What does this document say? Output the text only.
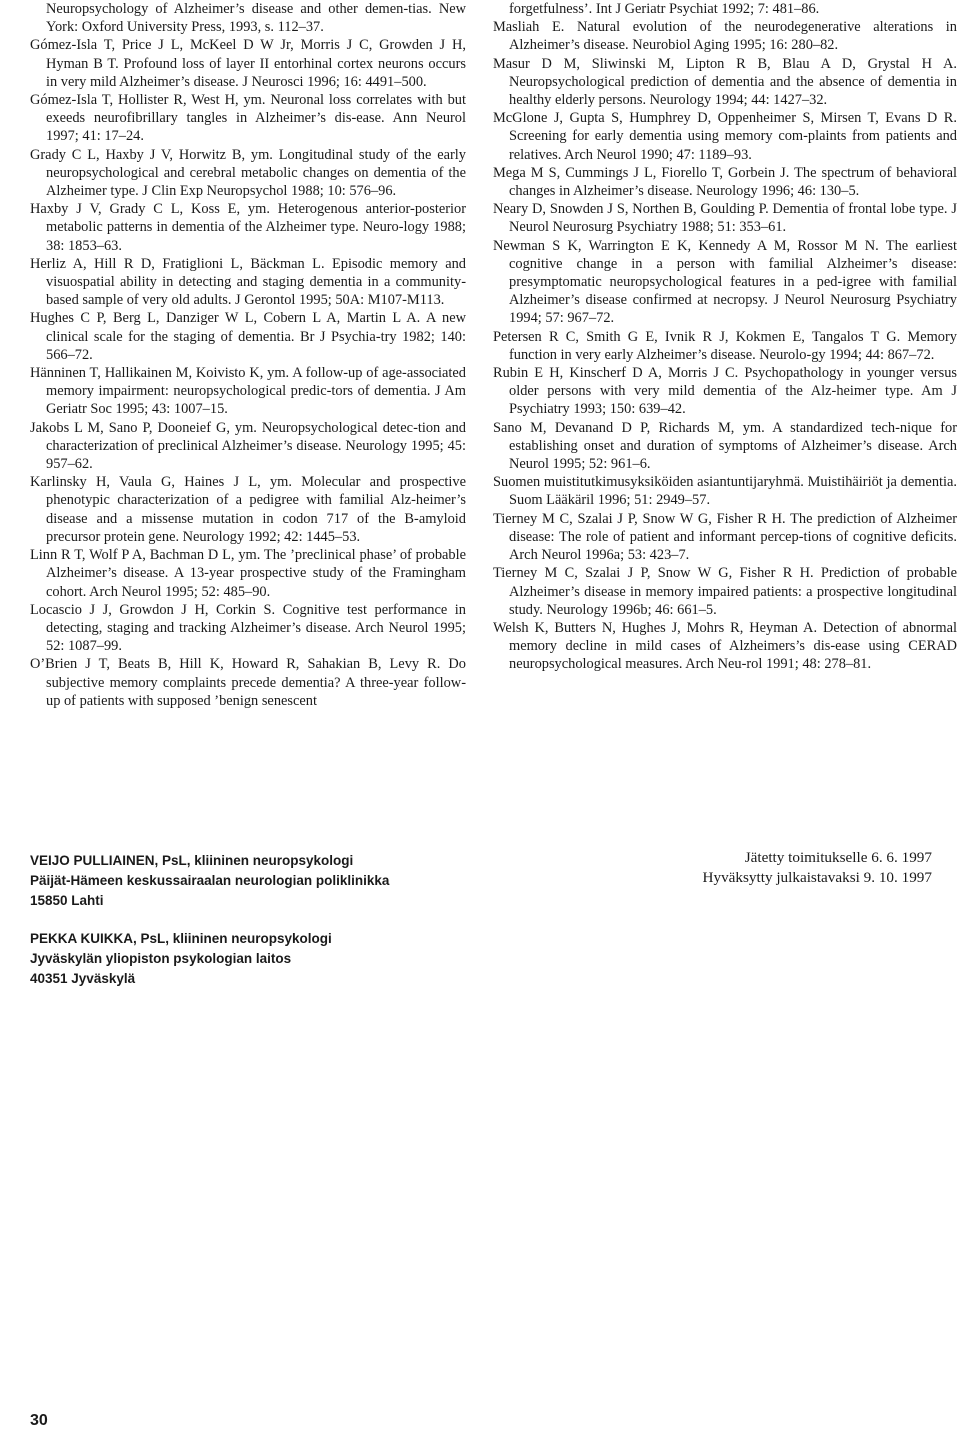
Neuropsychology of Alzheimer’s disease and other demen-tias. New York: Oxford University Press, 1993, s. 112–37.

Gómez-Isla T, Price J L, McKeel D W Jr, Morris J C, Growden J H, Hyman B T. Profound loss of layer II entorhinal cortex neurons occurs in very mild Alzheimer’s disease. J Neurosci 1996; 16: 4491–500.

Gómez-Isla T, Hollister R, West H, ym. Neuronal loss correlates with but exeeds neurofibrillary tangles in Alzheimer’s dis-ease. Ann Neurol 1997; 41: 17–24.

Grady C L, Haxby J V, Horwitz B, ym. Longitudinal study of the early neuropsychological and cerebral metabolic changes on dementia of the Alzheimer type. J Clin Exp Neuropsychol 1988; 10: 576–96.

Haxby J V, Grady C L, Koss E, ym. Heterogenous anterior-posterior metabolic patterns in dementia of the Alzheimer type. Neuro-logy 1988; 38: 1853–63.

Herliz A, Hill R D, Fratiglioni L, Bäckman L. Episodic memory and visuospatial ability in detecting and staging dementia in a community-based sample of very old adults. J Gerontol 1995; 50A: M107-M113.

Hughes C P, Berg L, Danziger W L, Cobern L A, Martin L A. A new clinical scale for the staging of dementia. Br J Psychia-try 1982; 140: 566–72.

Hänninen T, Hallikainen M, Koivisto K, ym. A follow-up of age-associated memory impairment: neuropsychological predic-tors of dementia. J Am Geriatr Soc 1995; 43: 1007–15.

Jakobs L M, Sano P, Dooneief G, ym. Neuropsychological detec-tion and characterization of preclinical Alzheimer’s disease. Neurology 1995; 45: 957–62.

Karlinsky H, Vaula G, Haines J L, ym. Molecular and prospective phenotypic characterization of a pedigree with familial Alz-heimer’s disease and a missense mutation in codon 717 of the B-amyloid precursor protein gene. Neurology 1992; 42: 1445–53.

Linn R T, Wolf P A, Bachman D L, ym. The ’preclinical phase’ of probable Alzheimer’s disease. A 13-year prospective study of the Framingham cohort. Arch Neurol 1995; 52: 485–90.

Locascio J J, Growdon J H, Corkin S. Cognitive test performance in detecting, staging and tracking Alzheimer’s disease. Arch Neurol 1995; 52: 1087–99.

O’Brien J T, Beats B, Hill K, Howard R, Sahakian B, Levy R. Do subjective memory complaints precede dementia? A three-year follow-up of patients with supposed ’benign senescent

forgetfulness’. Int J Geriatr Psychiat 1992; 7: 481–86.

Masliah E. Natural evolution of the neurodegenerative alterations in Alzheimer’s disease. Neurobiol Aging 1995; 16: 280–82.

Masur D M, Sliwinski M, Lipton R B, Blau A D, Grystal H A. Neuropsychological prediction of dementia and the absence of dementia in healthy elderly persons. Neurology 1994; 44: 1427–32.

McGlone J, Gupta S, Humphrey D, Oppenheimer S, Mirsen T, Evans D R. Screening for early dementia using memory com-plaints from patients and relatives. Arch Neurol 1990; 47: 1189–93.

Mega M S, Cummings J L, Fiorello T, Gorbein J. The spectrum of behavioral changes in Alzheimer’s disease. Neurology 1996; 46: 130–5.

Neary D, Snowden J S, Northen B, Goulding P. Dementia of frontal lobe type. J Neurol Neurosurg Psychiatry 1988; 51: 353–61.

Newman S K, Warrington E K, Kennedy A M, Rossor M N. The earliest cognitive change in a person with familial Alzheimer’s disease: presymptomatic neuropsychological features in a ped-igree with familial Alzheimer’s disease confirmed at necropsy. J Neurol Neurosurg Psychiatry 1994; 57: 967–72.

Petersen R C, Smith G E, Ivnik R J, Kokmen E, Tangalos T G. Memory function in very early Alzheimer’s disease. Neurolo-gy 1994; 44: 867–72.

Rubin E H, Kinscherf D A, Morris J C. Psychopathology in younger versus older persons with very mild dementia of the Alz-heimer type. Am J Psychiatry 1993; 150: 639–42.

Sano M, Devanand D P, Richards M, ym. A standardized tech-nique for establishing onset and duration of symptoms of Alzheimer’s disease. Arch Neurol 1995; 52: 961–6.

Suomen muistitutkimusyksiköiden asiantuntijaryhmä. Muistihäiriöt ja dementia. Suom Lääkäril 1996; 51: 2949–57.

Tierney M C, Szalai J P, Snow W G, Fisher R H. The prediction of Alzheimer disease: The role of patient and informant percep-tions of cognitive deficits. Arch Neurol 1996a; 53: 423–7.

Tierney M C, Szalai J P, Snow W G, Fisher R H. Prediction of probable Alzheimer’s disease in memory impaired patients: a prospective longitudinal study. Neurology 1996b; 46: 661–5.

Welsh K, Butters N, Hughes J, Mohrs R, Heyman A. Detection of abnormal memory decline in mild cases of Alzheimers’s dis-ease using CERAD neuropsychological measures. Arch Neu-rol 1991; 48: 278–81.

VEIJO PULLIAINEN, PsL, kliininen neuropsykologi

Päijät-Hämeen keskussairaalan neurologian poliklinikka

15850 Lahti

PEKKA KUIKKA, PsL, kliininen neuropsykologi

Jyväskylän yliopiston psykologian laitos

40351 Jyväskylä

Jätetty toimitukselle 6. 6. 1997

Hyväksytty julkaistavaksi 9. 10. 1997

30
